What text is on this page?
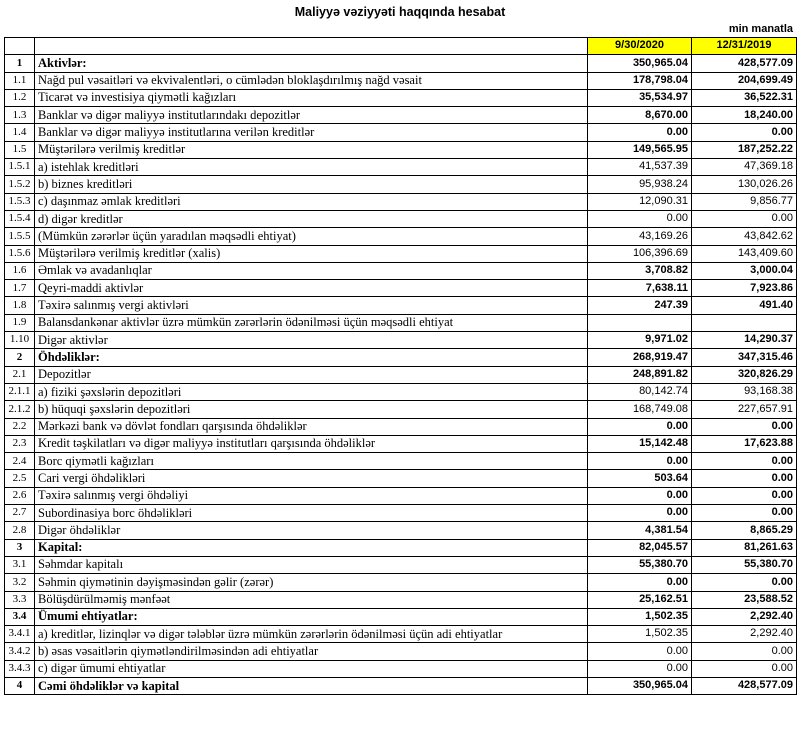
Maliyyə vəziyyəti haqqında hesabat
min manatla
		9/30/2020	12/31/2019
1	Aktivlər:	350,965.04	428,577.09
1.1	Nağd pul vəsaitləri və ekvivalentləri, o cümlədən bloklaşdırılmış nağd vəsait	178,798.04	204,699.49
1.2	Ticarət və investisiya qiymətli kağızları	35,534.97	36,522.31
1.3	Banklar və digər maliyyə institutlarındakı depozitlər	8,670.00	18,240.00
1.4	Banklar və digər maliyyə institutlarına verilən kreditlər	0.00	0.00
1.5	Müştərilərə verilmiş kreditlər	149,565.95	187,252.22
1.5.1	a) istehlak kreditləri	41,537.39	47,369.18
1.5.2	b) biznes kreditləri	95,938.24	130,026.26
1.5.3	c) daşınmaz əmlak kreditləri	12,090.31	9,856.77
1.5.4	d) digər kreditlər	0.00	0.00
1.5.5	(Mümkün zərərlər üçün yaradılan məqsədli ehtiyat)	43,169.26	43,842.62
1.5.6	Müştərilərə verilmiş kreditlər (xalis)	106,396.69	143,409.60
1.6	Əmlak və avadanlıqlar	3,708.82	3,000.04
1.7	Qeyri-maddi aktivlər	7,638.11	7,923.86
1.8	Təxirə salınmış vergi aktivləri	247.39	491.40
1.9	Balansdankənar aktivlər üzrə mümkün zərərlərin ödənilməsi üçün məqsədli ehtiyat		
1.10	Digər aktivlər	9,971.02	14,290.37
2	Öhdəliklər:	268,919.47	347,315.46
2.1	Depozitlər	248,891.82	320,826.29
2.1.1	a) fiziki şəxslərin depozitləri	80,142.74	93,168.38
2.1.2	b) hüquqi şəxslərin depozitləri	168,749.08	227,657.91
2.2	Mərkəzi bank və dövlət fondları qarşısında öhdəliklər	0.00	0.00
2.3	Kredit təşkilatları və digər maliyyə institutları qarşısında öhdəliklər	15,142.48	17,623.88
2.4	Borc qiymətli kağızları	0.00	0.00
2.5	Cari vergi öhdəlikləri	503.64	0.00
2.6	Təxirə salınmış vergi öhdəliyi	0.00	0.00
2.7	Subordinasiya borc öhdəlikləri	0.00	0.00
2.8	Digər öhdəliklər	4,381.54	8,865.29
3	Kapital:	82,045.57	81,261.63
3.1	Səhmdar kapitalı	55,380.70	55,380.70
3.2	Səhmin qiymətinin dəyişməsindən gəlir (zərər)	0.00	0.00
3.3	Bölüşdürülməmiş mənfəət	25,162.51	23,588.52
3.4	Ümumi ehtiyatlar:	1,502.35	2,292.40
3.4.1	a) kreditlər, lizinqlər və digər tələblər üzrə mümkün zərərlərin ödənilməsi üçün adi ehtiyatlar	1,502.35	2,292.40
3.4.2	b) əsas vəsaitlərin qiymətləndirilməsindən adi ehtiyatlar	0.00	0.00
3.4.3	c) digər ümumi ehtiyatlar	0.00	0.00
4	Cəmi öhdəliklər və kapital	350,965.04	428,577.09
